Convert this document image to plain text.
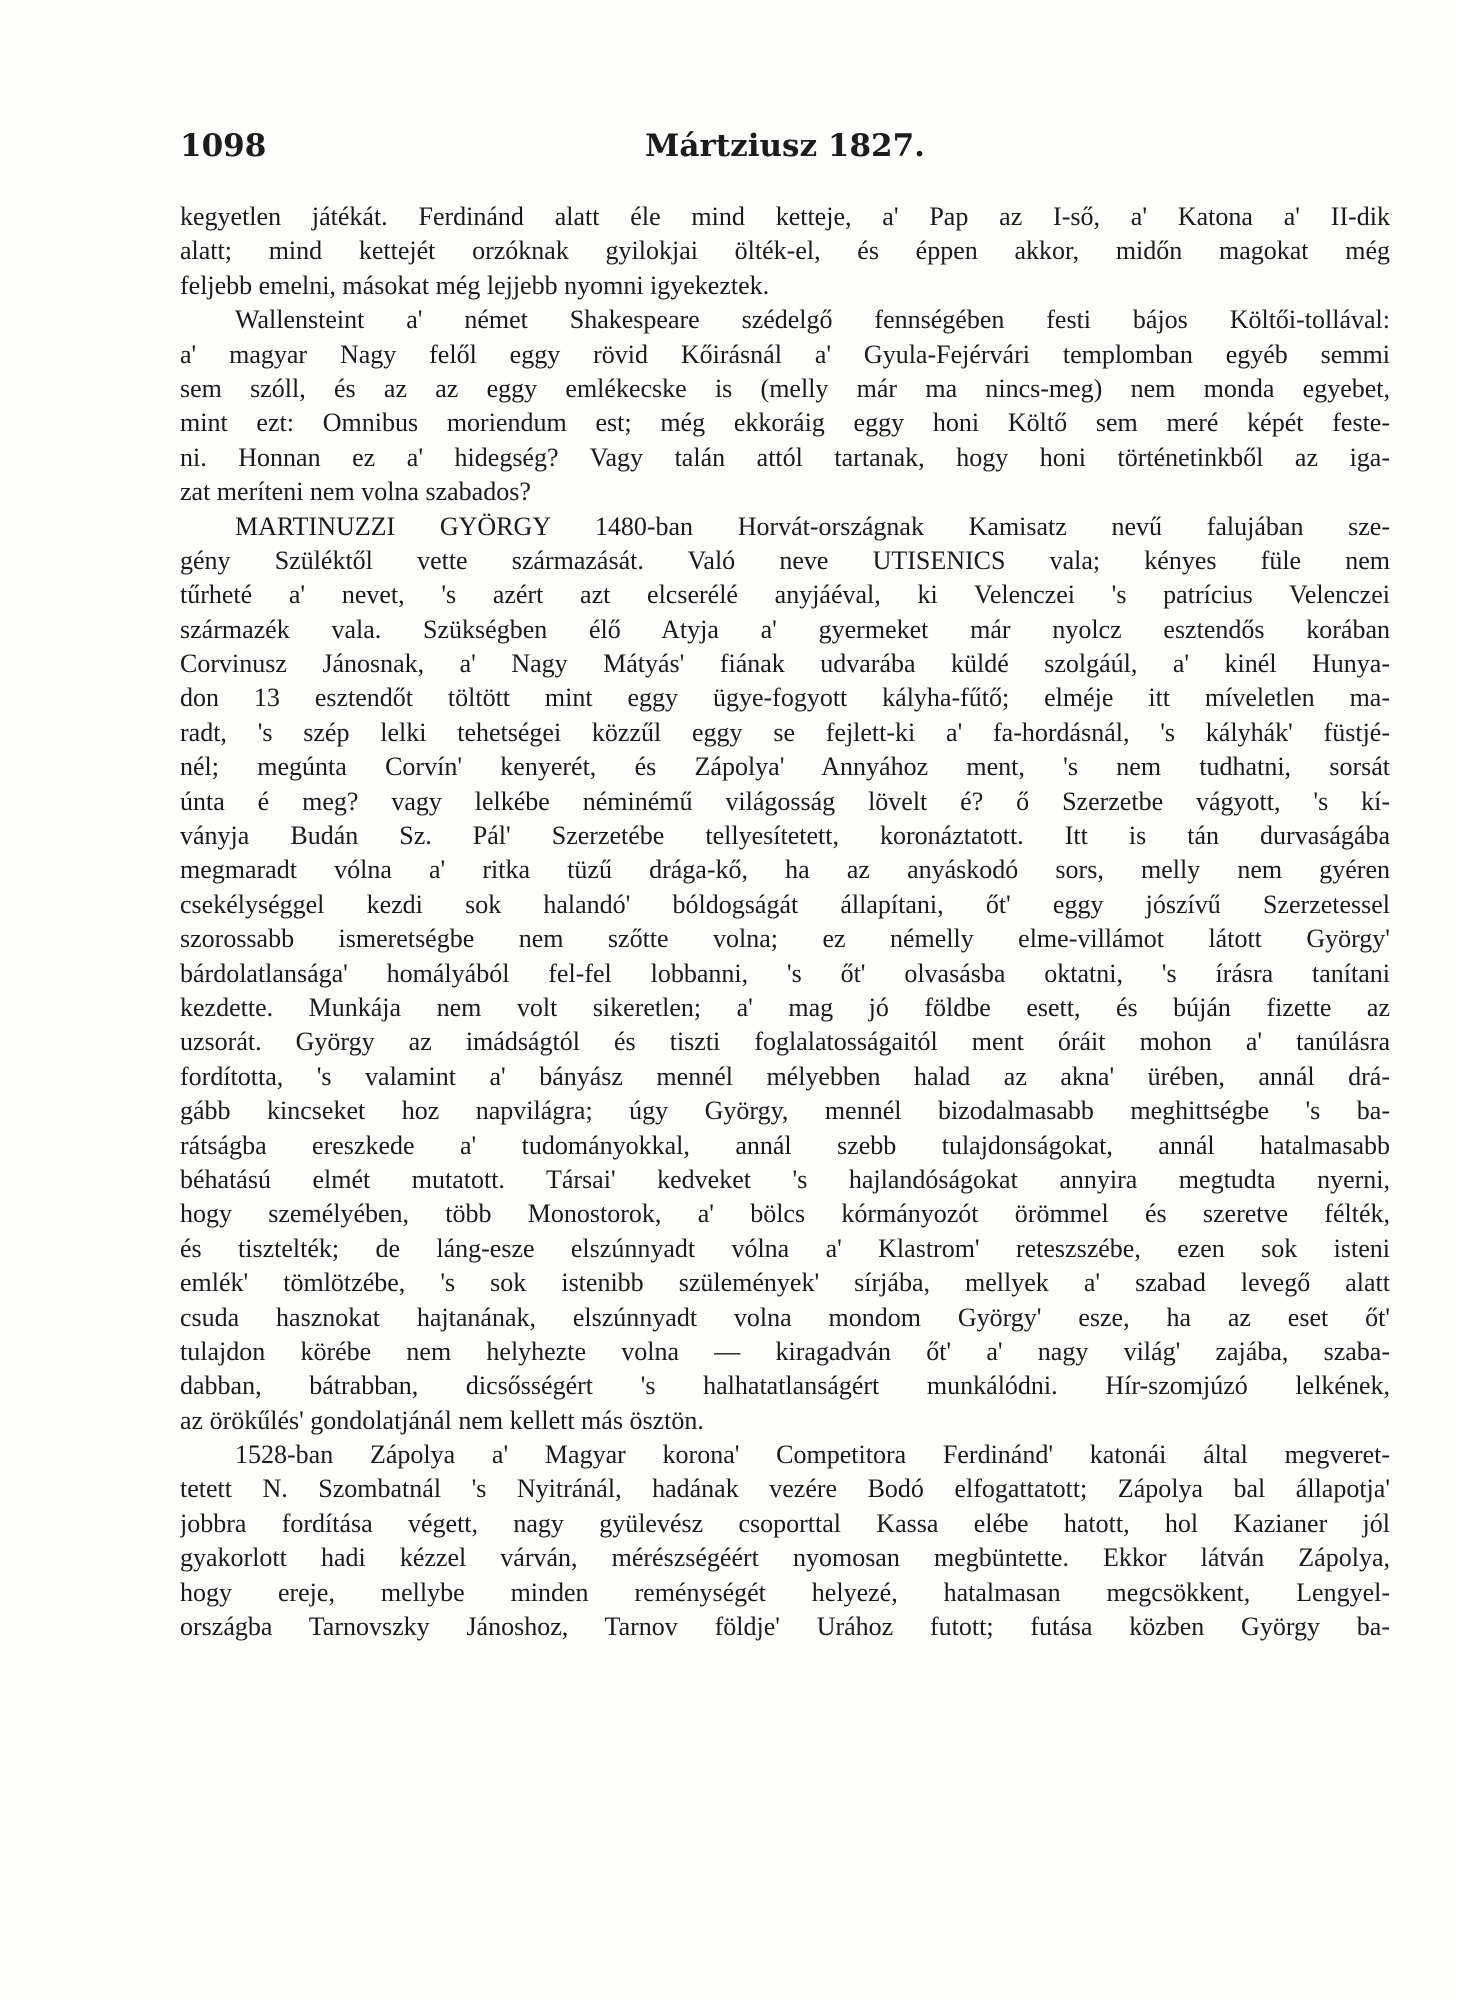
1098	Mártziusz 1827.
kegyetlen játékát. Ferdinánd alatt éle mind ketteje, a' Pap az I-ső, a' Katona a' II-dik
alatt; mind kettejét orzóknak gyilokjai ölték-el, és éppen akkor, midőn magokat még
feljebb emelni, másokat még lejjebb nyomni igyekeztek.
Wallensteint a' német Shakespeare szédelgő fennségében festi bájos Költői-tollával:
a' magyar Nagy felől eggy rövid Kőirásnál a' Gyula-Fejérvári templomban egyéb semmi
sem szóll, és az az eggy emlékecske is (melly már ma nincs-meg) nem monda egyebet,
mint ezt: Omnibus moriendum est; még ekkoráig eggy honi Költő sem meré képét feste-
ni. Honnan ez a' hidegség? Vagy talán attól tartanak, hogy honi történetinkből az iga-
zat meríteni nem volna szabados?
MARTINUZZI GYÖRGY 1480-ban Horvát-országnak Kamisatz nevű falujában sze-
gény Szüléktől vette származását. Való neve UTISENICS vala; kényes füle nem
tűrheté a' nevet, 's azért azt elcserélé anyjáéval, ki Velenczei 's patrícius Velenczei
származék vala. Szükségben élő Atyja a' gyermeket már nyolcz esztendős korában
Corvinusz Jánosnak, a' Nagy Mátyás' fiának udvarába küldé szolgáúl, a' kinél Hunya-
don 13 esztendőt töltött mint eggy ügye-fogyott kályha-fűtő; elméje itt míveletlen ma-
radt, 's szép lelki tehetségei közzűl eggy se fejlett-ki a' fa-hordásnál, 's kályhák' füstjé-
nél; megúnta Corvín' kenyerét, és Zápolya' Annyához ment, 's nem tudhatni, sorsát
únta é meg? vagy lelkébe néminémű világosság lövelt é? ő Szerzetbe vágyott, 's kí-
ványja Budán Sz. Pál' Szerzetébe tellyesítetett, koronáztatott. Itt is tán durvaságába
megmaradt vólna a' ritka tüzű drága-kő, ha az anyáskodó sors, melly nem gyéren
csekélységgel kezdi sok halandó' bóldogságát állapítani, őt' eggy jószívű Szerzetessel
szorossabb ismeretségbe nem szőtte volna; ez némelly elme-villámot látott György'
bárdolatlansága' homályából fel-fel lobbanni, 's őt' olvasásba oktatni, 's írásra tanítani
kezdette. Munkája nem volt sikeretlen; a' mag jó földbe esett, és búján fizette az
uzsorát. György az imádságtól és tiszti foglalatosságaitól ment óráit mohon a' tanúlásra
fordította, 's valamint a' bányász mennél mélyebben halad az akna' ürében, annál drá-
gább kincseket hoz napvilágra; úgy György, mennél bizodalmasabb meghittségbe 's ba-
rátságba ereszkede a' tudományokkal, annál szebb tulajdonságokat, annál hatalmasabb
béhatású elmét mutatott. Társai' kedveket 's hajlandóságokat annyira megtudta nyerni,
hogy személyében, több Monostorok, a' bölcs kórmányozót örömmel és szeretve félték,
és tisztelték; de láng-esze elszúnnyadt vólna a' Klastrom' reteszszébe, ezen sok isteni
emlék' tömlötzébe, 's sok istenibb szülemények' sírjába, mellyek a' szabad levegő alatt
csuda hasznokat hajtanának, elszúnnyadt volna mondom György' esze, ha az eset őt'
tulajdon körébe nem helyhezte volna — kiragadván őt' a' nagy világ' zajába, szaba-
dabban, bátrabban, dicsősségért 's halhatatlanságért munkálódni. Hír-szomjúzó lelkének,
az örökűlés' gondolatjánál nem kellett más ösztön.
1528-ban Zápolya a' Magyar korona' Competitora Ferdinánd' katonái által megveret-
tetett N. Szombatnál 's Nyitránál, hadának vezére Bodó elfogattatott; Zápolya bal állapotja'
jobbra fordítása végett, nagy gyülevész csoporttal Kassa elébe hatott, hol Kazianer jól
gyakorlott hadi kézzel várván, mérészségéért nyomosan megbüntette. Ekkor látván Zápolya,
hogy ereje, mellybe minden reménységét helyezé, hatalmasan megcsökkent, Lengyel-
országba Tarnovszky Jánoshoz, Tarnov földje' Urához futott; futása közben György ba-
